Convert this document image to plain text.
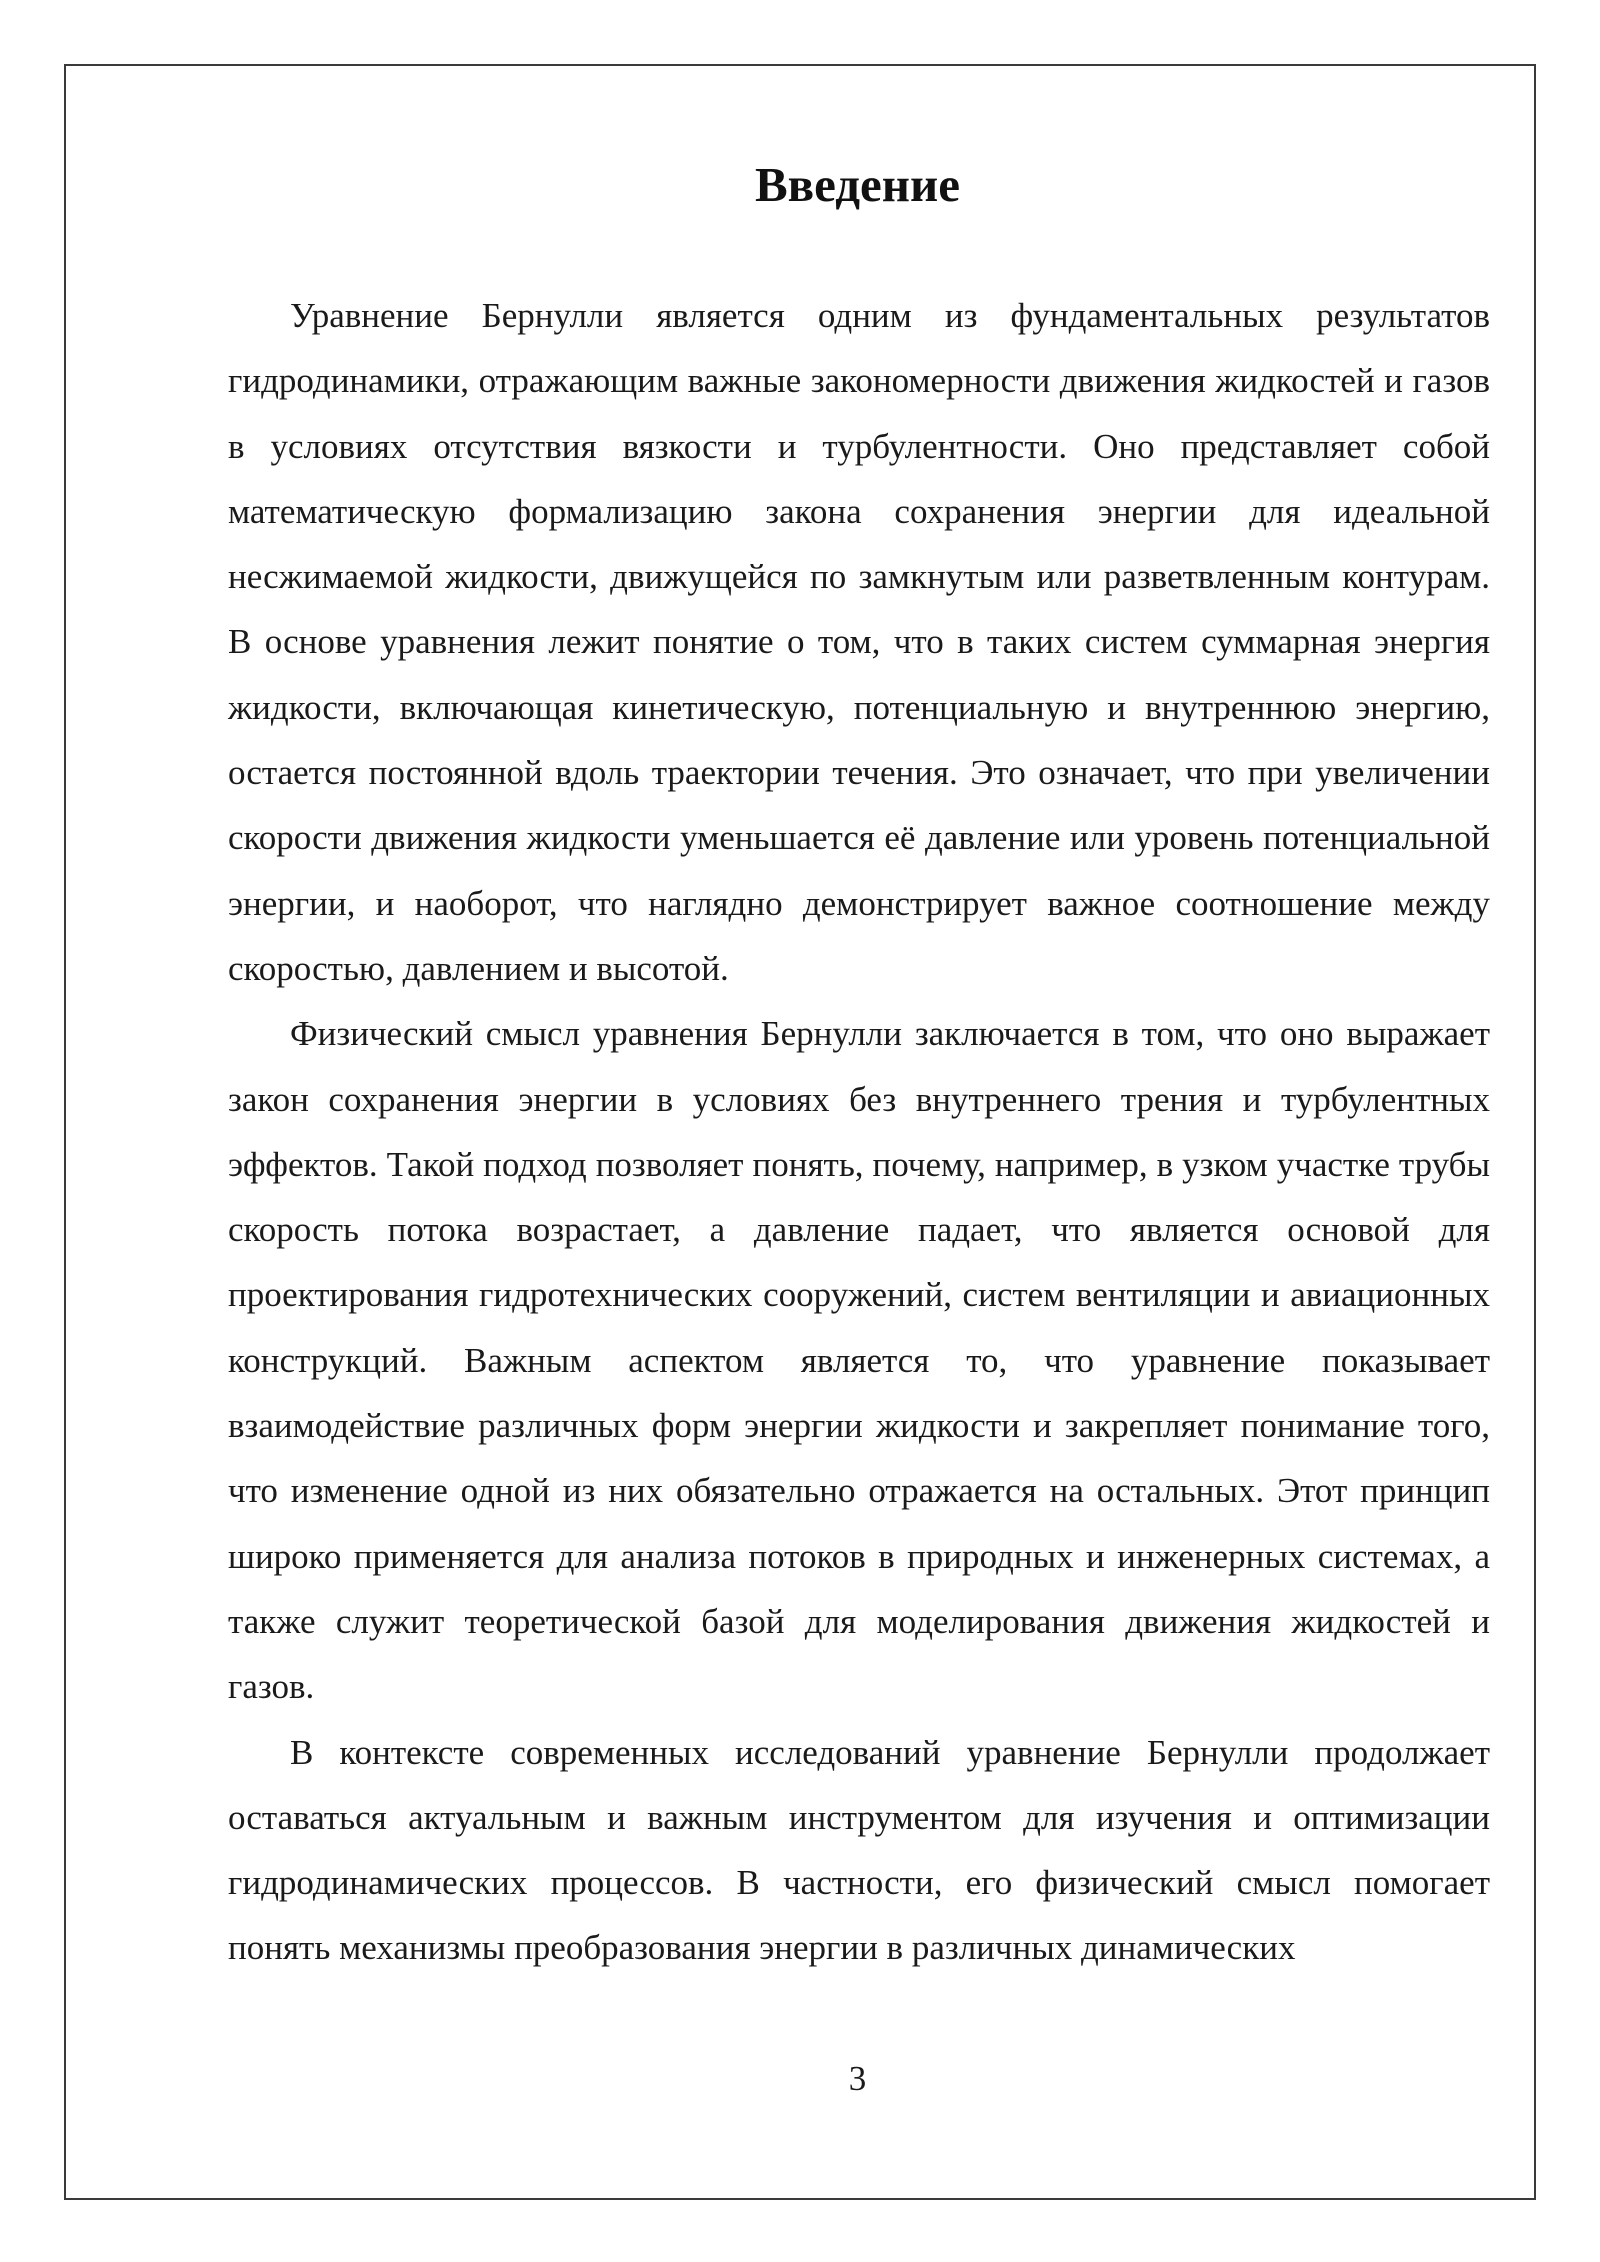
Введение

Уравнение Бернулли является одним из фундаментальных результатов гидродинамики, отражающим важные закономерности движения жидкостей и газов в условиях отсутствия вязкости и турбулентности. Оно представляет собой математическую формализацию закона сохранения энергии для идеальной несжимаемой жидкости, движущейся по замкнутым или разветвленным контурам. В основе уравнения лежит понятие о том, что в таких систем суммарная энергия жидкости, включающая кинетическую, потенциальную и внутреннюю энергию, остается постоянной вдоль траектории течения. Это означает, что при увеличении скорости движения жидкости уменьшается её давление или уровень потенциальной энергии, и наоборот, что наглядно демонстрирует важное соотношение между скоростью, давлением и высотой.

Физический смысл уравнения Бернулли заключается в том, что оно выражает закон сохранения энергии в условиях без внутреннего трения и турбулентных эффектов. Такой подход позволяет понять, почему, например, в узком участке трубы скорость потока возрастает, а давление падает, что является основой для проектирования гидротехнических сооружений, систем вентиляции и авиационных конструкций. Важным аспектом является то, что уравнение показывает взаимодействие различных форм энергии жидкости и закрепляет понимание того, что изменение одной из них обязательно отражается на остальных. Этот принцип широко применяется для анализа потоков в природных и инженерных системах, а также служит теоретической базой для моделирования движения жидкостей и газов.

В контексте современных исследований уравнение Бернулли продолжает оставаться актуальным и важным инструментом для изучения и оптимизации гидродинамических процессов. В частности, его физический смысл помогает понять механизмы преобразования энергии в различных динамических

3
